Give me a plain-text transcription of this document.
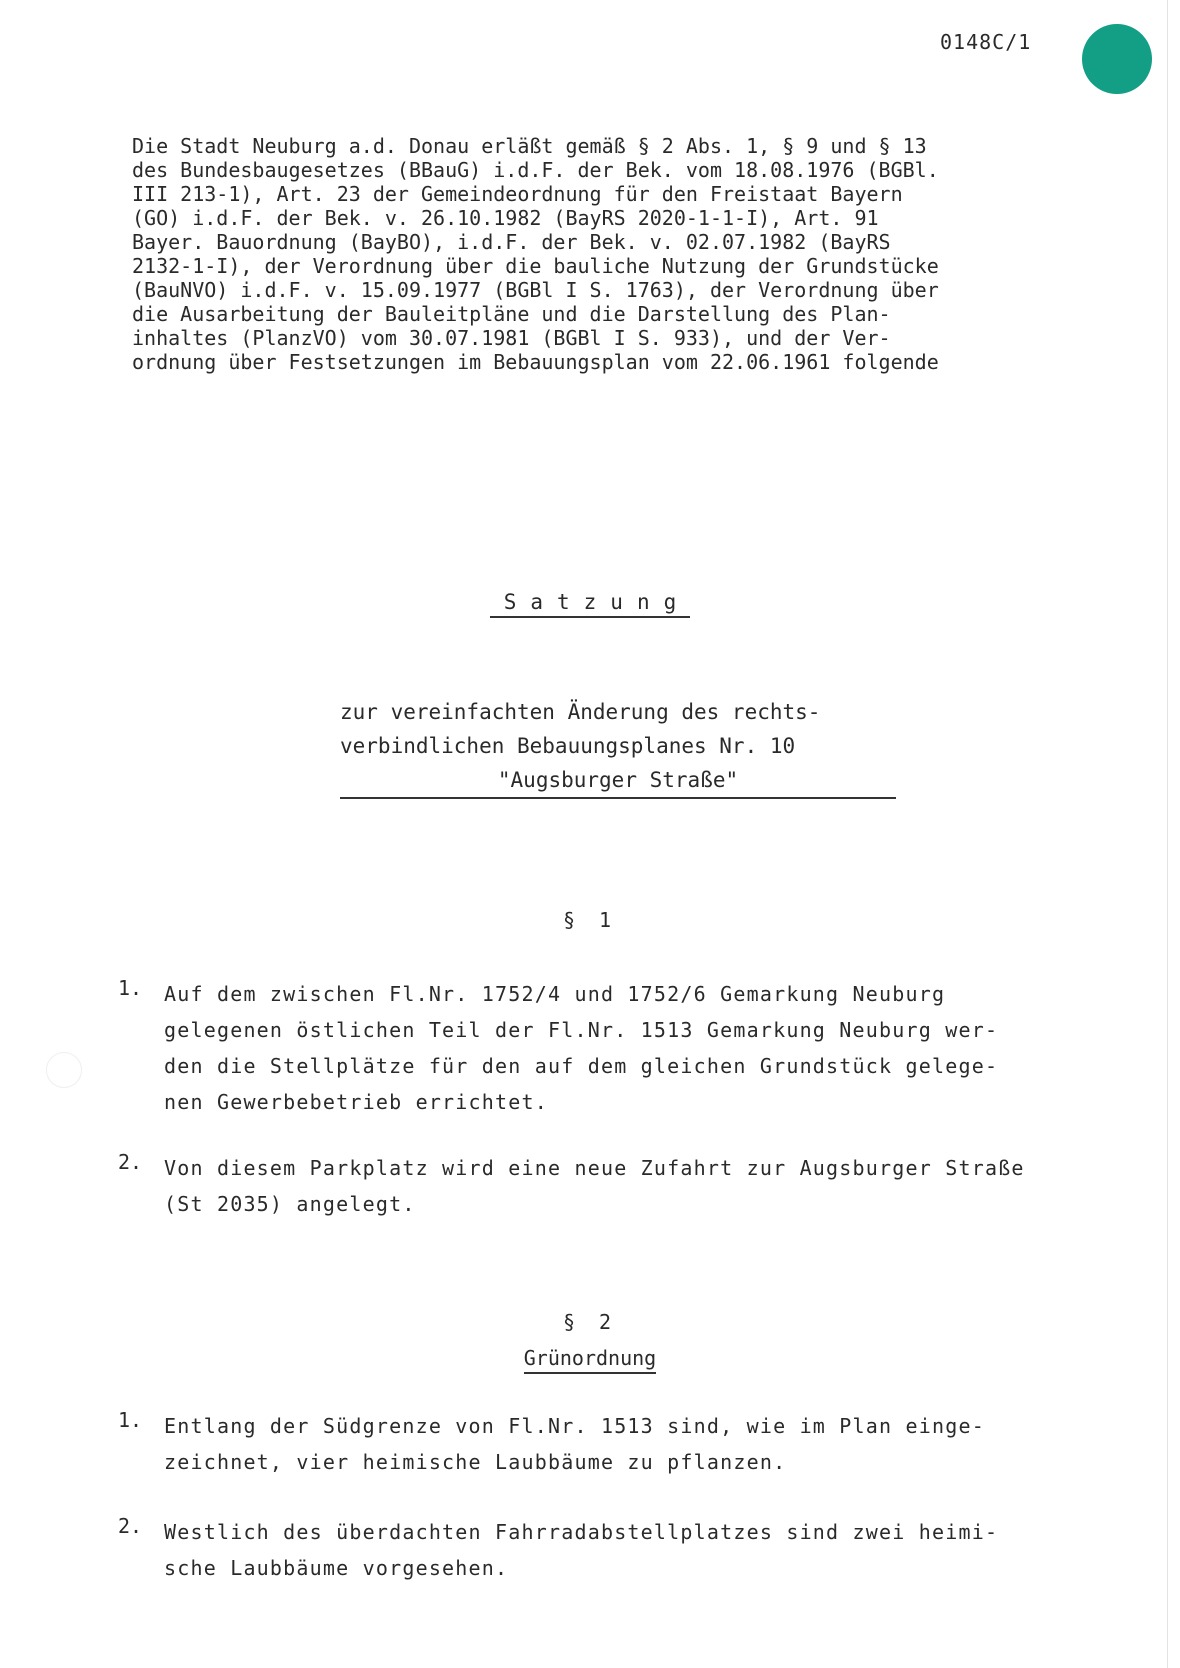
0148C/1
Die Stadt Neuburg a.d. Donau erläßt gemäß § 2 Abs. 1, § 9 und § 13
des Bundesbaugesetzes (BBauG) i.d.F. der Bek. vom 18.08.1976 (BGBl.
III 213-1), Art. 23 der Gemeindeordnung für den Freistaat Bayern
(GO) i.d.F. der Bek. v. 26.10.1982 (BayRS 2020-1-1-I), Art. 91
Bayer. Bauordnung (BayBO), i.d.F. der Bek. v. 02.07.1982 (BayRS
2132-1-I), der Verordnung über die bauliche Nutzung der Grundstücke
(BauNVO) i.d.F. v. 15.09.1977 (BGBl I S. 1763), der Verordnung über
die Ausarbeitung der Bauleitpläne und die Darstellung des Plan-
inhaltes (PlanzVO) vom 30.07.1981 (BGBl I S. 933), und der Ver-
ordnung über Festsetzungen im Bebauungsplan vom 22.06.1961 folgende
Satzung
zur vereinfachten Änderung des rechts-
verbindlichen Bebauungsplanes Nr. 10
"Augsburger Straße"
§ 1
1. Auf dem zwischen Fl.Nr. 1752/4 und 1752/6 Gemarkung Neuburg
gelegenen östlichen Teil der Fl.Nr. 1513 Gemarkung Neuburg wer-
den die Stellplätze für den auf dem gleichen Grundstück gelege-
nen Gewerbebetrieb errichtet.
2. Von diesem Parkplatz wird eine neue Zufahrt zur Augsburger Straße
(St 2035) angelegt.
§ 2
Grünordnung
1. Entlang der Südgrenze von Fl.Nr. 1513 sind, wie im Plan einge-
zeichnet, vier heimische Laubbäume zu pflanzen.
2. Westlich des überdachten Fahrradabstellplatzes sind zwei heimi-
sche Laubbäume vorgesehen.
